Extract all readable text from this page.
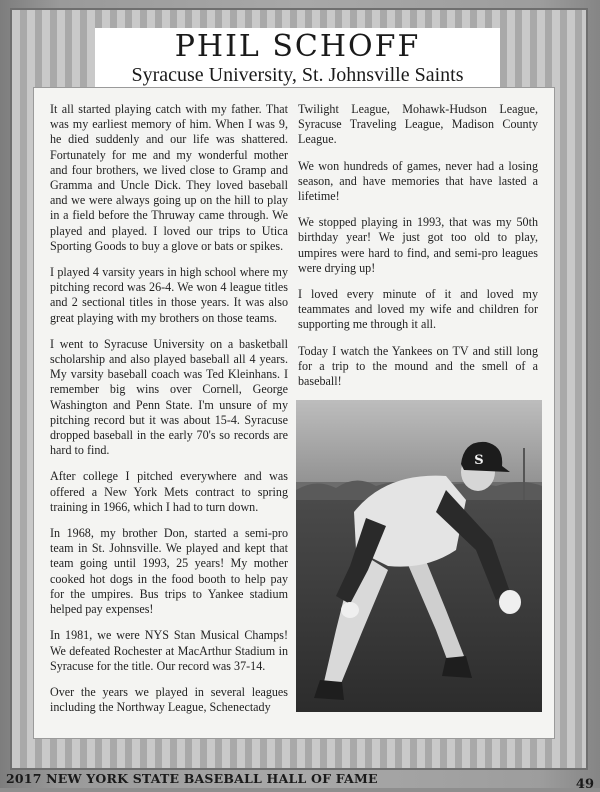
PHIL SCHOFF
Syracuse University, St. Johnsville Saints

It all started playing catch with my father. That was my earliest memory of him. When I was 9, he died suddenly and our life was shattered. Fortunately for me and my wonderful mother and four brothers, we lived close to Gramp and Gramma and Uncle Dick. They loved baseball and we were always going up on the hill to play in a field before the Thruway came through. We played and played. I loved our trips to Utica Sporting Goods to buy a glove or bats or spikes.

I played 4 varsity years in high school where my pitching record was 26-4. We won 4 league titles and 2 sectional titles in those years. It was also great playing with my brothers on those teams.

I went to Syracuse University on a basketball scholarship and also played baseball all 4 years. My varsity baseball coach was Ted Kleinhans. I remember big wins over Cornell, George Washington and Penn State. I'm unsure of my pitching record but it was about 15-4. Syracuse dropped baseball in the early 70's so records are hard to find.

After college I pitched everywhere and was offered a New York Mets contract to spring training in 1966, which I had to turn down.

In 1968, my brother Don, started a semi-pro team in St. Johnsville. We played and kept that team going until 1993, 25 years! My mother cooked hot dogs in the food booth to help pay for the umpires. Bus trips to Yankee stadium helped pay expenses!

In 1981, we were NYS Stan Musical Champs! We defeated Rochester at MacArthur Stadium in Syracuse for the title. Our record was 37-14.

Over the years we played in several leagues including the Northway League, Schenectady

Twilight League, Mohawk-Hudson League, Syracuse Traveling League, Madison County League.

We won hundreds of games, never had a losing season, and have memories that have lasted a lifetime!

We stopped playing in 1993, that was my 50th birthday year! We just got too old to play, umpires were hard to find, and semi-pro leagues were drying up!

I loved every minute of it and loved my teammates and loved my wife and children for supporting me through it all.

Today I watch the Yankees on TV and still long for a trip to the mound and the smell of a baseball!

S
2017 NEW YORK STATE BASEBALL HALL OF FAME	49
